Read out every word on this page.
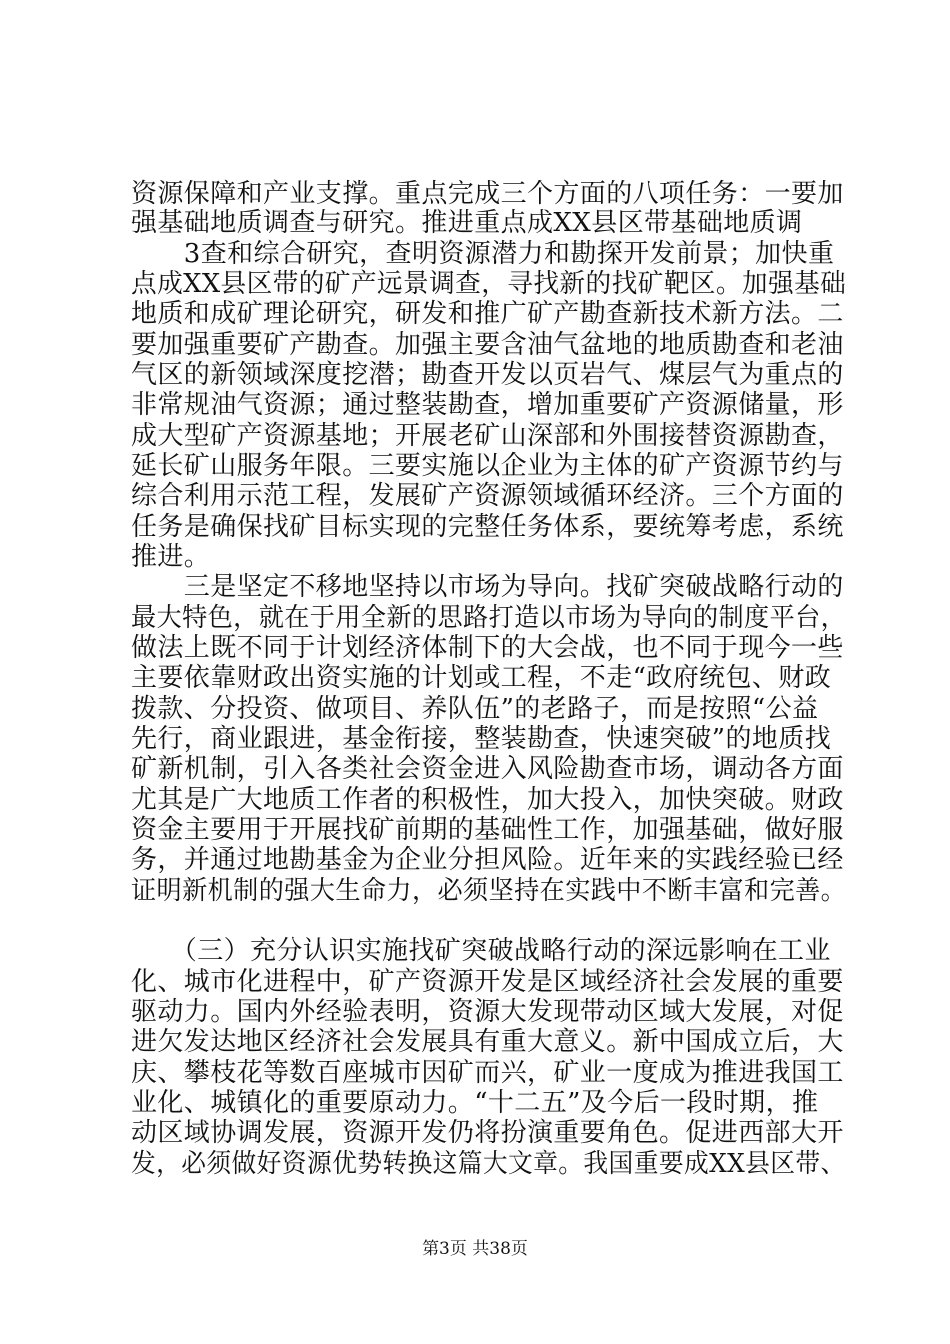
资源保障和产业支撑。重点完成三个方面的八项任务：一要加
强基础地质调查与研究。推进重点成XX县区带基础地质调
　　3查和综合研究，查明资源潜力和勘探开发前景；加快重
点成XX县区带的矿产远景调查，寻找新的找矿靶区。加强基础
地质和成矿理论研究，研发和推广矿产勘查新技术新方法。二
要加强重要矿产勘查。加强主要含油气盆地的地质勘查和老油
气区的新领域深度挖潜；勘查开发以页岩气、煤层气为重点的
非常规油气资源；通过整装勘查，增加重要矿产资源储量，形
成大型矿产资源基地；开展老矿山深部和外围接替资源勘查，
延长矿山服务年限。三要实施以企业为主体的矿产资源节约与
综合利用示范工程，发展矿产资源领域循环经济。三个方面的
任务是确保找矿目标实现的完整任务体系，要统筹考虑，系统
推进。
　　三是坚定不移地坚持以市场为导向。找矿突破战略行动的
最大特色，就在于用全新的思路打造以市场为导向的制度平台，
做法上既不同于计划经济体制下的大会战，也不同于现今一些
主要依靠财政出资实施的计划或工程，不走“政府统包、财政
拨款、分投资、做项目、养队伍”的老路子，而是按照“公益
先行，商业跟进，基金衔接，整装勘查，快速突破”的地质找
矿新机制，引入各类社会资金进入风险勘查市场，调动各方面
尤其是广大地质工作者的积极性，加大投入，加快突破。财政
资金主要用于开展找矿前期的基础性工作，加强基础，做好服
务，并通过地勘基金为企业分担风险。近年来的实践经验已经
证明新机制的强大生命力，必须坚持在实践中不断丰富和完善。
　　（三）充分认识实施找矿突破战略行动的深远影响在工业
化、城市化进程中，矿产资源开发是区域经济社会发展的重要
驱动力。国内外经验表明，资源大发现带动区域大发展，对促
进欠发达地区经济社会发展具有重大意义。新中国成立后，大
庆、攀枝花等数百座城市因矿而兴，矿业一度成为推进我国工
业化、城镇化的重要原动力。“十二五”及今后一段时期，推
动区域协调发展，资源开发仍将扮演重要角色。促进西部大开
发，必须做好资源优势转换这篇大文章。我国重要成XX县区带、
第3页 共38页
